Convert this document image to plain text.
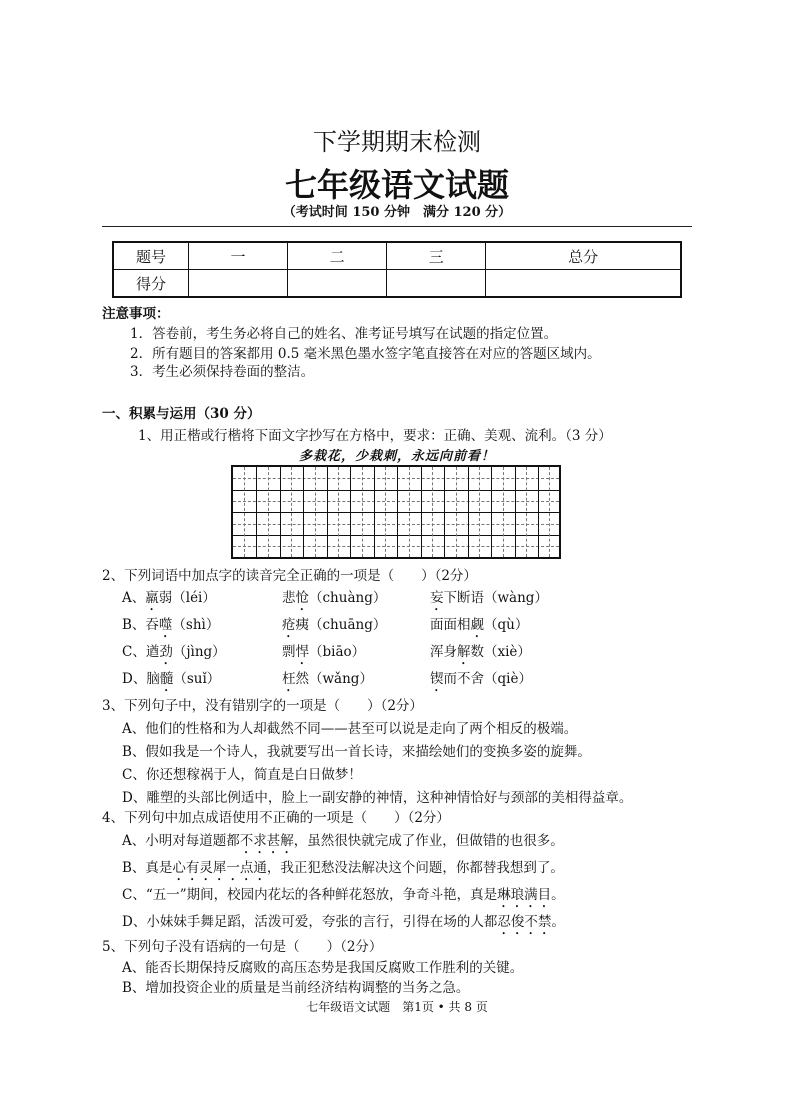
下学期期末检测
七年级语文试题
（考试时间 150 分钟　满分 120 分）
题号	一	二	三	总分
得分				
注意事项：
1．答卷前，考生务必将自己的姓名、准考证号填写在试题的指定位置。
2．所有题目的答案都用 0.5 毫米黑色墨水签字笔直接答在对应的答题区域内。
3．考生必须保持卷面的整洁。
一、积累与运用（30 分）
1、用正楷或行楷将下面文字抄写在方格中，要求：正确、美观、流利。（3 分）
多栽花，少栽刺，永远向前看！
2、下列词语中加点字的读音完全正确的一项是（　　）（2分）
A、羸弱（léi）	悲怆（chuàng）	妄下断语（wàng）
B、吞噬（shì）	疮痍（chuāng）	面面相觑（qù）
C、遒劲（jìng）	剽悍（biāo）	浑身解数（xiè）
D、脑髓（suǐ）	枉然（wǎng）	锲而不舍（qiè）
3、下列句子中，没有错别字的一项是（　　）（2分）
A、他们的性格和为人却截然不同——甚至可以说是走向了两个相反的极端。
B、假如我是一个诗人，我就要写出一首长诗，来描绘她们的变换多姿的旋舞。
C、你还想稼祸于人，简直是白日做梦！
D、雕塑的头部比例适中，脸上一副安静的神情，这种神情恰好与颈部的美相得益章。
4、下列句中加点成语使用不正确的一项是（　　）（2分）
A、小明对每道题都不求甚解，虽然很快就完成了作业，但做错的也很多。
B、真是心有灵犀一点通，我正犯愁没法解决这个问题，你都替我想到了。
C、“五一”期间，校园内花坛的各种鲜花怒放，争奇斗艳，真是琳琅满目。
D、小妹妹手舞足蹈，活泼可爱，夸张的言行，引得在场的人都忍俊不禁。
5、下列句子没有语病的一句是（　　）（2分）
A、能否长期保持反腐败的高压态势是我国反腐败工作胜利的关键。
B、增加投资企业的质量是当前经济结构调整的当务之急。
七年级语文试题　第1页 • 共 8 页
